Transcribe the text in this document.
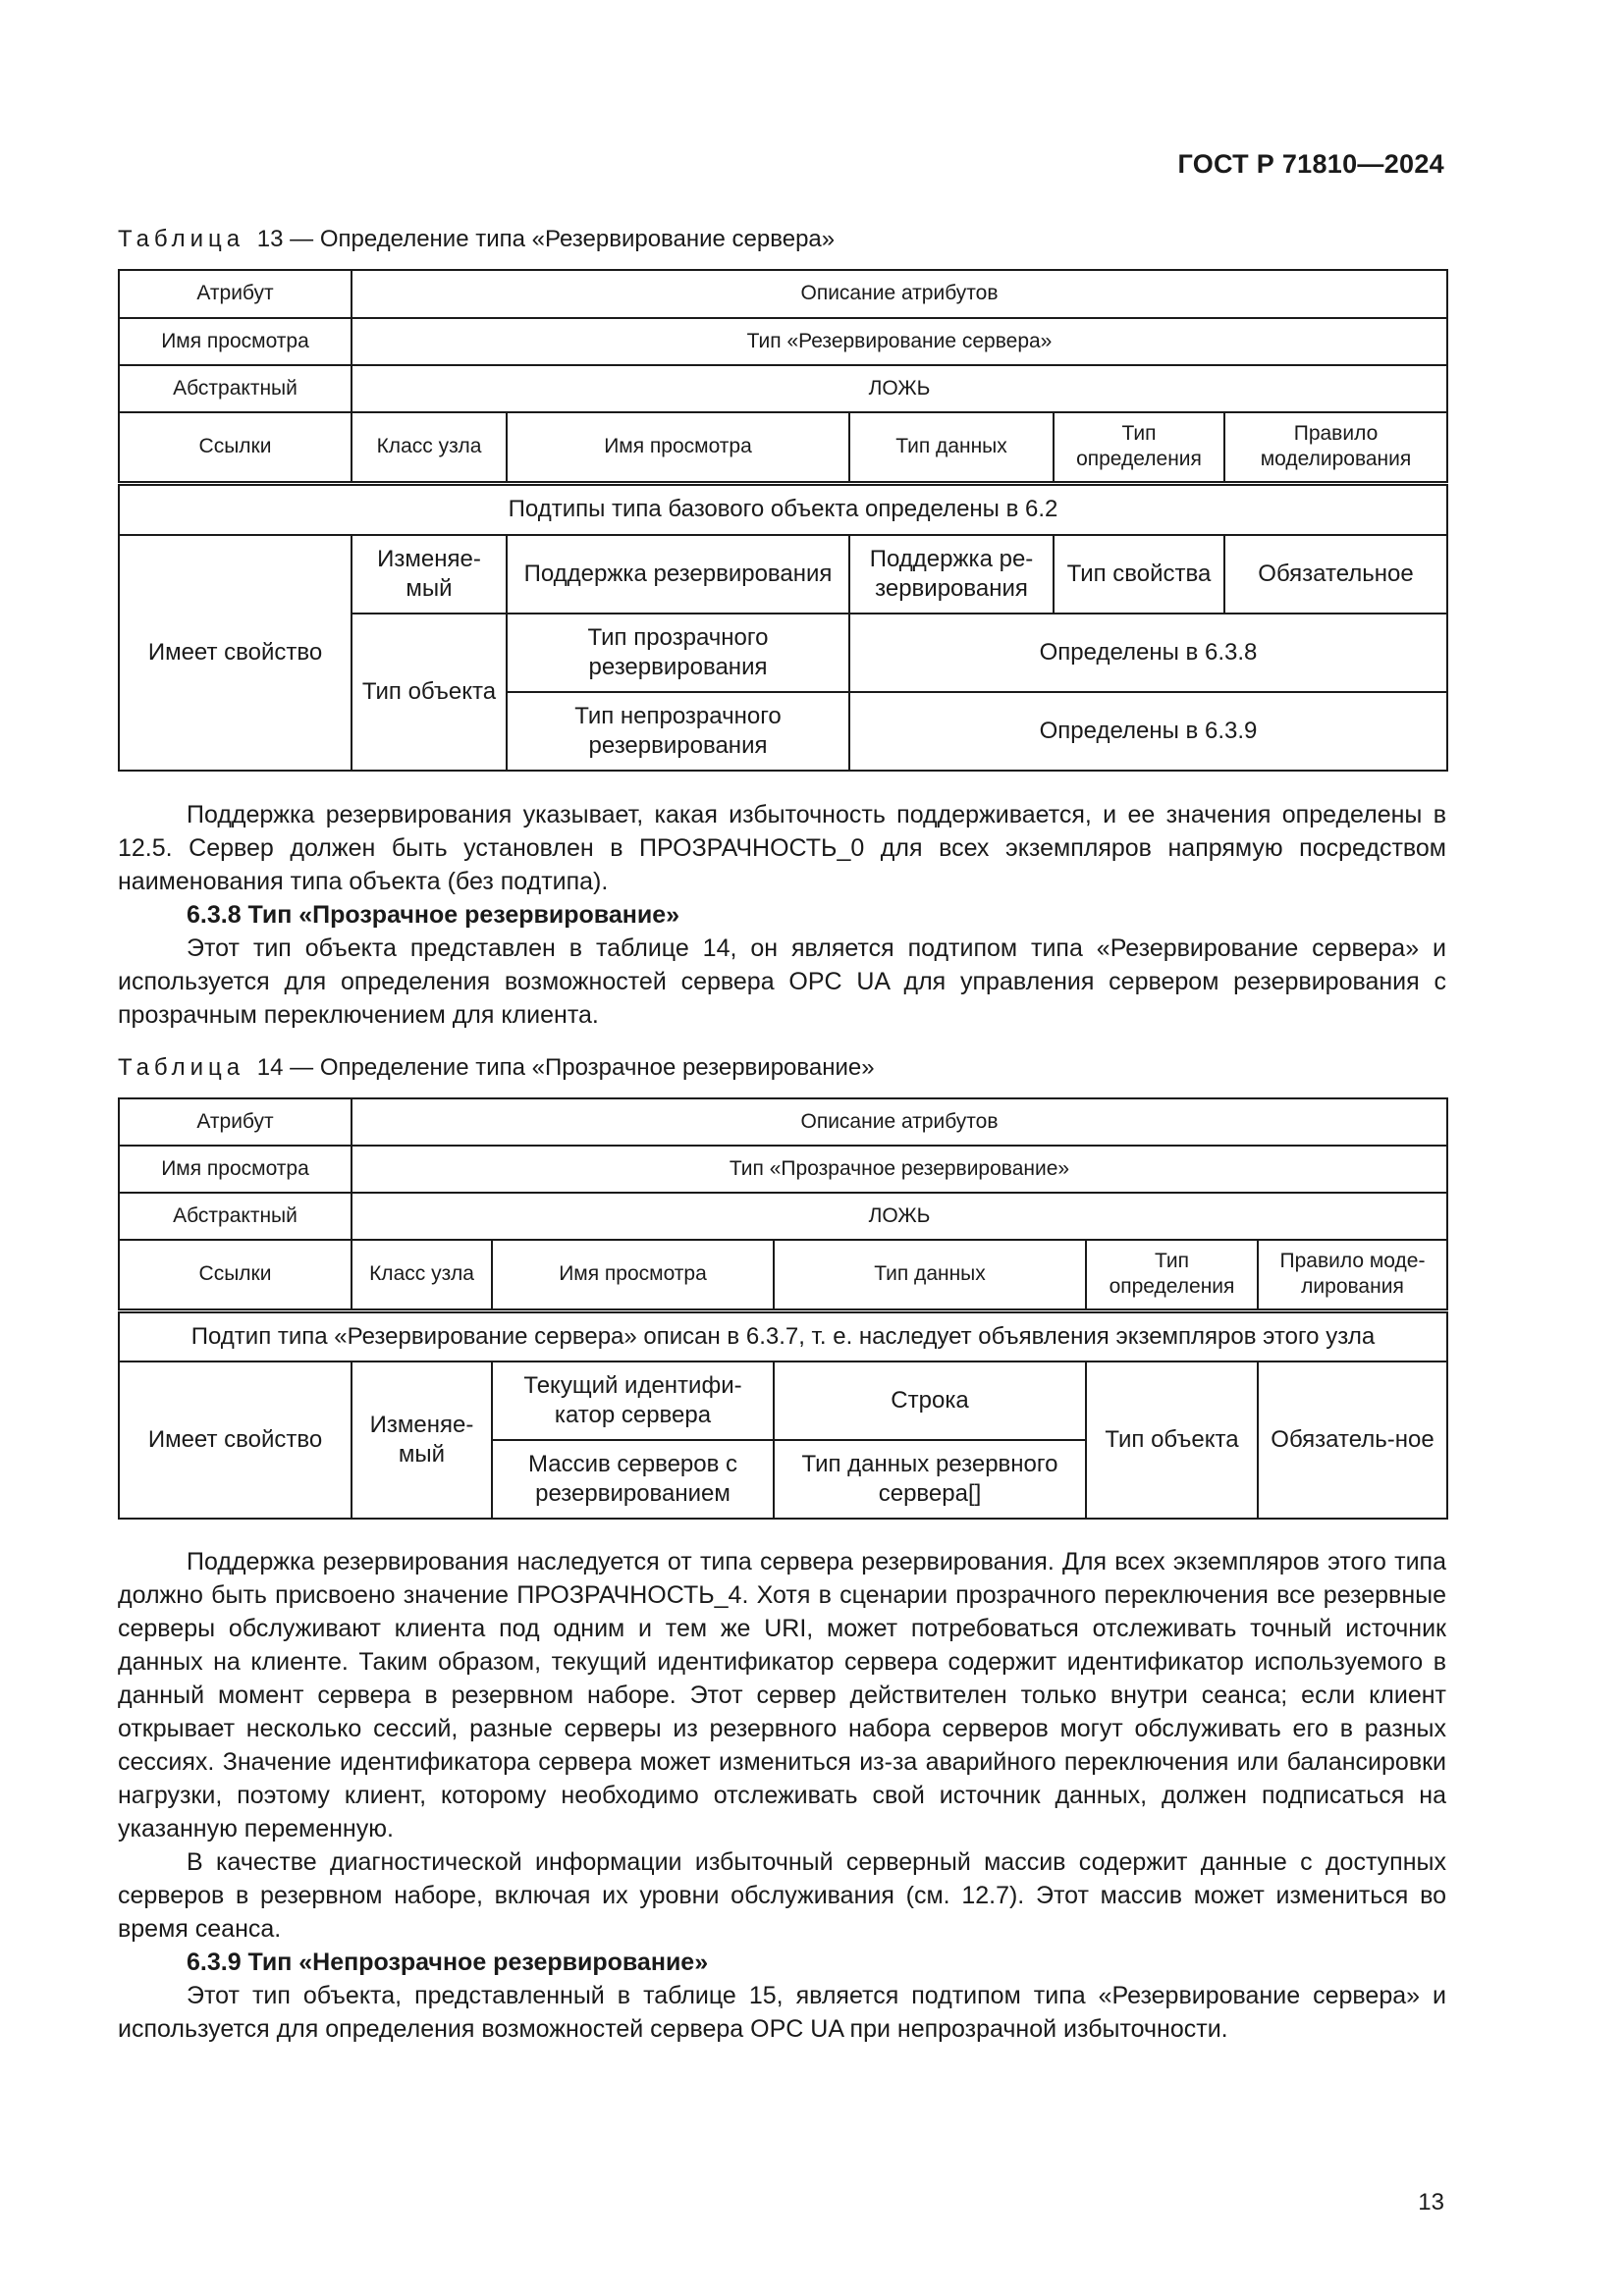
ГОСТ Р 71810—2024
Таблица 13 — Определение типа «Резервирование сервера»
Атрибут	Описание атрибутов				
Имя просмотра	Тип «Резервирование сервера»				
Абстрактный	ЛОЖЬ				
Ссылки	Класс узла	Имя просмотра	Тип данных	Тип определения	Правило моделирования
Подтипы типа базового объекта определены в 6.2					
Имеет свойство	Изменяе-мый	Поддержка резервирования	Поддержка ре-зервирования	Тип свойства	Обязательное
	Тип объекта	Тип прозрачного резервирования	Определены в 6.3.8		
		Тип непрозрачного резервирования	Определены в 6.3.9		

Поддержка резервирования указывает, какая избыточность поддерживается, и ее значения определены в 12.5. Сервер должен быть установлен в ПРОЗРАЧНОСТЬ_0 для всех экземпляров напрямую посредством наименования типа объекта (без подтипа).

6.3.8 Тип «Прозрачное резервирование»

Этот тип объекта представлен в таблице 14, он является подтипом типа «Резервирование сервера» и используется для определения возможностей сервера OPC UA для управления сервером резервирования с прозрачным переключением для клиента.

Таблица 14 — Определение типа «Прозрачное резервирование»
Атрибут	Описание атрибутов				
Имя просмотра	Тип «Прозрачное резервирование»				
Абстрактный	ЛОЖЬ				
Ссылки	Класс узла	Имя просмотра	Тип данных	Тип определения	Правило моде-лирования
Подтип типа «Резервирование сервера» описан в 6.3.7, т. е. наследует объявления экземпляров этого узла					
Имеет свойство	Изменяе-мый	Текущий идентифи-катор сервера	Строка	Тип объекта	Обязатель-ное
		Массив серверов с резервированием	Тип данных резервного сервера[]		

Поддержка резервирования наследуется от типа сервера резервирования. Для всех экземпляров этого типа должно быть присвоено значение ПРОЗРАЧНОСТЬ_4. Хотя в сценарии прозрачного переключения все резервные серверы обслуживают клиента под одним и тем же URI, может потребоваться отслеживать точный источник данных на клиенте. Таким образом, текущий идентификатор сервера содержит идентификатор используемого в данный момент сервера в резервном наборе. Этот сервер действителен только внутри сеанса; если клиент открывает несколько сессий, разные серверы из резервного набора серверов могут обслуживать его в разных сессиях. Значение идентификатора сервера может измениться из-за аварийного переключения или балансировки нагрузки, поэтому клиент, которому необходимо отслеживать свой источник данных, должен подписаться на указанную переменную.

В качестве диагностической информации избыточный серверный массив содержит данные с доступных серверов в резервном наборе, включая их уровни обслуживания (см. 12.7). Этот массив может измениться во время сеанса.

6.3.9 Тип «Непрозрачное резервирование»

Этот тип объекта, представленный в таблице 15, является подтипом типа «Резервирование сервера» и используется для определения возможностей сервера OPC UA при непрозрачной избыточности.

13
